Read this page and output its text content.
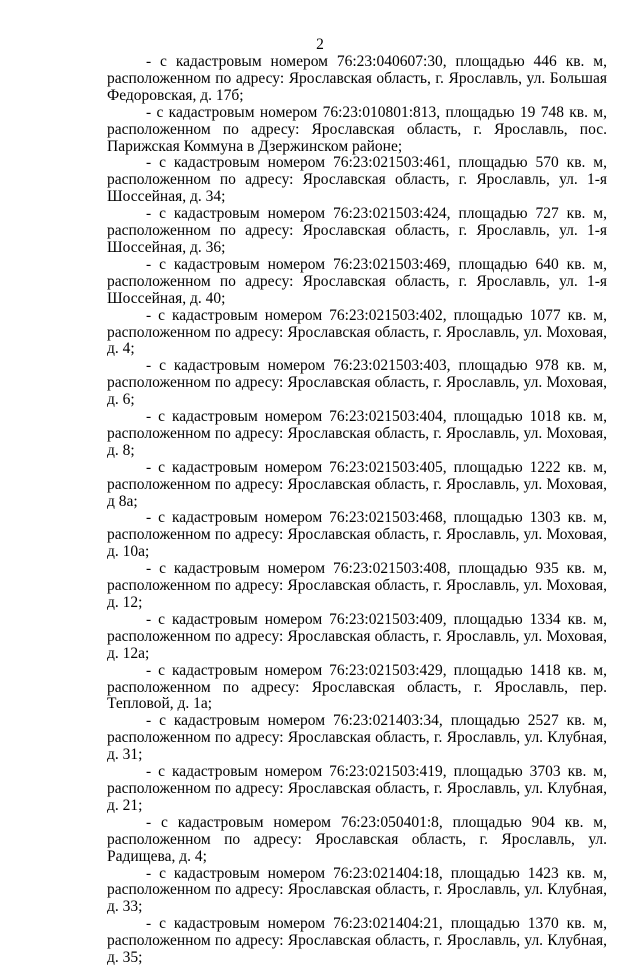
2

- с кадастровым номером 76:23:040607:30, площадью 446 кв. м, расположенном по адресу: Ярославская область, г. Ярославль, ул. Большая Федоровская, д. 17б;

- с кадастровым номером 76:23:010801:813, площадью 19 748 кв. м, расположенном по адресу: Ярославская область, г. Ярославль, пос. Парижская Коммуна в Дзержинском районе;

- с кадастровым номером 76:23:021503:461, площадью 570 кв. м, расположенном по адресу: Ярославская область, г. Ярославль, ул. 1-я Шоссейная, д. 34;

- с кадастровым номером 76:23:021503:424, площадью 727 кв. м, расположенном по адресу: Ярославская область, г. Ярославль, ул. 1-я Шоссейная, д. 36;

- с кадастровым номером 76:23:021503:469, площадью 640 кв. м, расположенном по адресу: Ярославская область, г. Ярославль, ул. 1-я Шоссейная, д. 40;

- с кадастровым номером 76:23:021503:402, площадью 1077 кв. м, расположенном по адресу: Ярославская область, г. Ярославль, ул. Моховая, д. 4;

- с кадастровым номером 76:23:021503:403, площадью 978 кв. м, расположенном по адресу: Ярославская область, г. Ярославль, ул. Моховая, д. 6;

- с кадастровым номером 76:23:021503:404, площадью 1018 кв. м, расположенном по адресу: Ярославская область, г. Ярославль, ул. Моховая, д. 8;

- с кадастровым номером 76:23:021503:405, площадью 1222 кв. м, расположенном по адресу: Ярославская область, г. Ярославль, ул. Моховая, д 8а;

- с кадастровым номером 76:23:021503:468, площадью 1303 кв. м, расположенном по адресу: Ярославская область, г. Ярославль, ул. Моховая, д. 10а;

- с кадастровым номером 76:23:021503:408, площадью 935 кв. м, расположенном по адресу: Ярославская область, г. Ярославль, ул. Моховая, д. 12;

- с кадастровым номером 76:23:021503:409, площадью 1334 кв. м, расположенном по адресу: Ярославская область, г. Ярославль, ул. Моховая, д. 12а;

- с кадастровым номером 76:23:021503:429, площадью 1418 кв. м, расположенном по адресу: Ярославская область, г. Ярославль, пер. Тепловой, д. 1а;

- с кадастровым номером 76:23:021403:34, площадью 2527 кв. м, расположенном по адресу: Ярославская область, г. Ярославль, ул. Клубная, д. 31;

- с кадастровым номером 76:23:021503:419, площадью 3703 кв. м, расположенном по адресу: Ярославская область, г. Ярославль, ул. Клубная, д. 21;

- с кадастровым номером 76:23:050401:8, площадью 904 кв. м, расположенном по адресу: Ярославская область, г. Ярославль, ул. Радищева, д. 4;

- с кадастровым номером 76:23:021404:18, площадью 1423 кв. м, расположенном по адресу: Ярославская область, г. Ярославль, ул. Клубная, д. 33;

- с кадастровым номером 76:23:021404:21, площадью 1370 кв. м, расположенном по адресу: Ярославская область, г. Ярославль, ул. Клубная, д. 35;
